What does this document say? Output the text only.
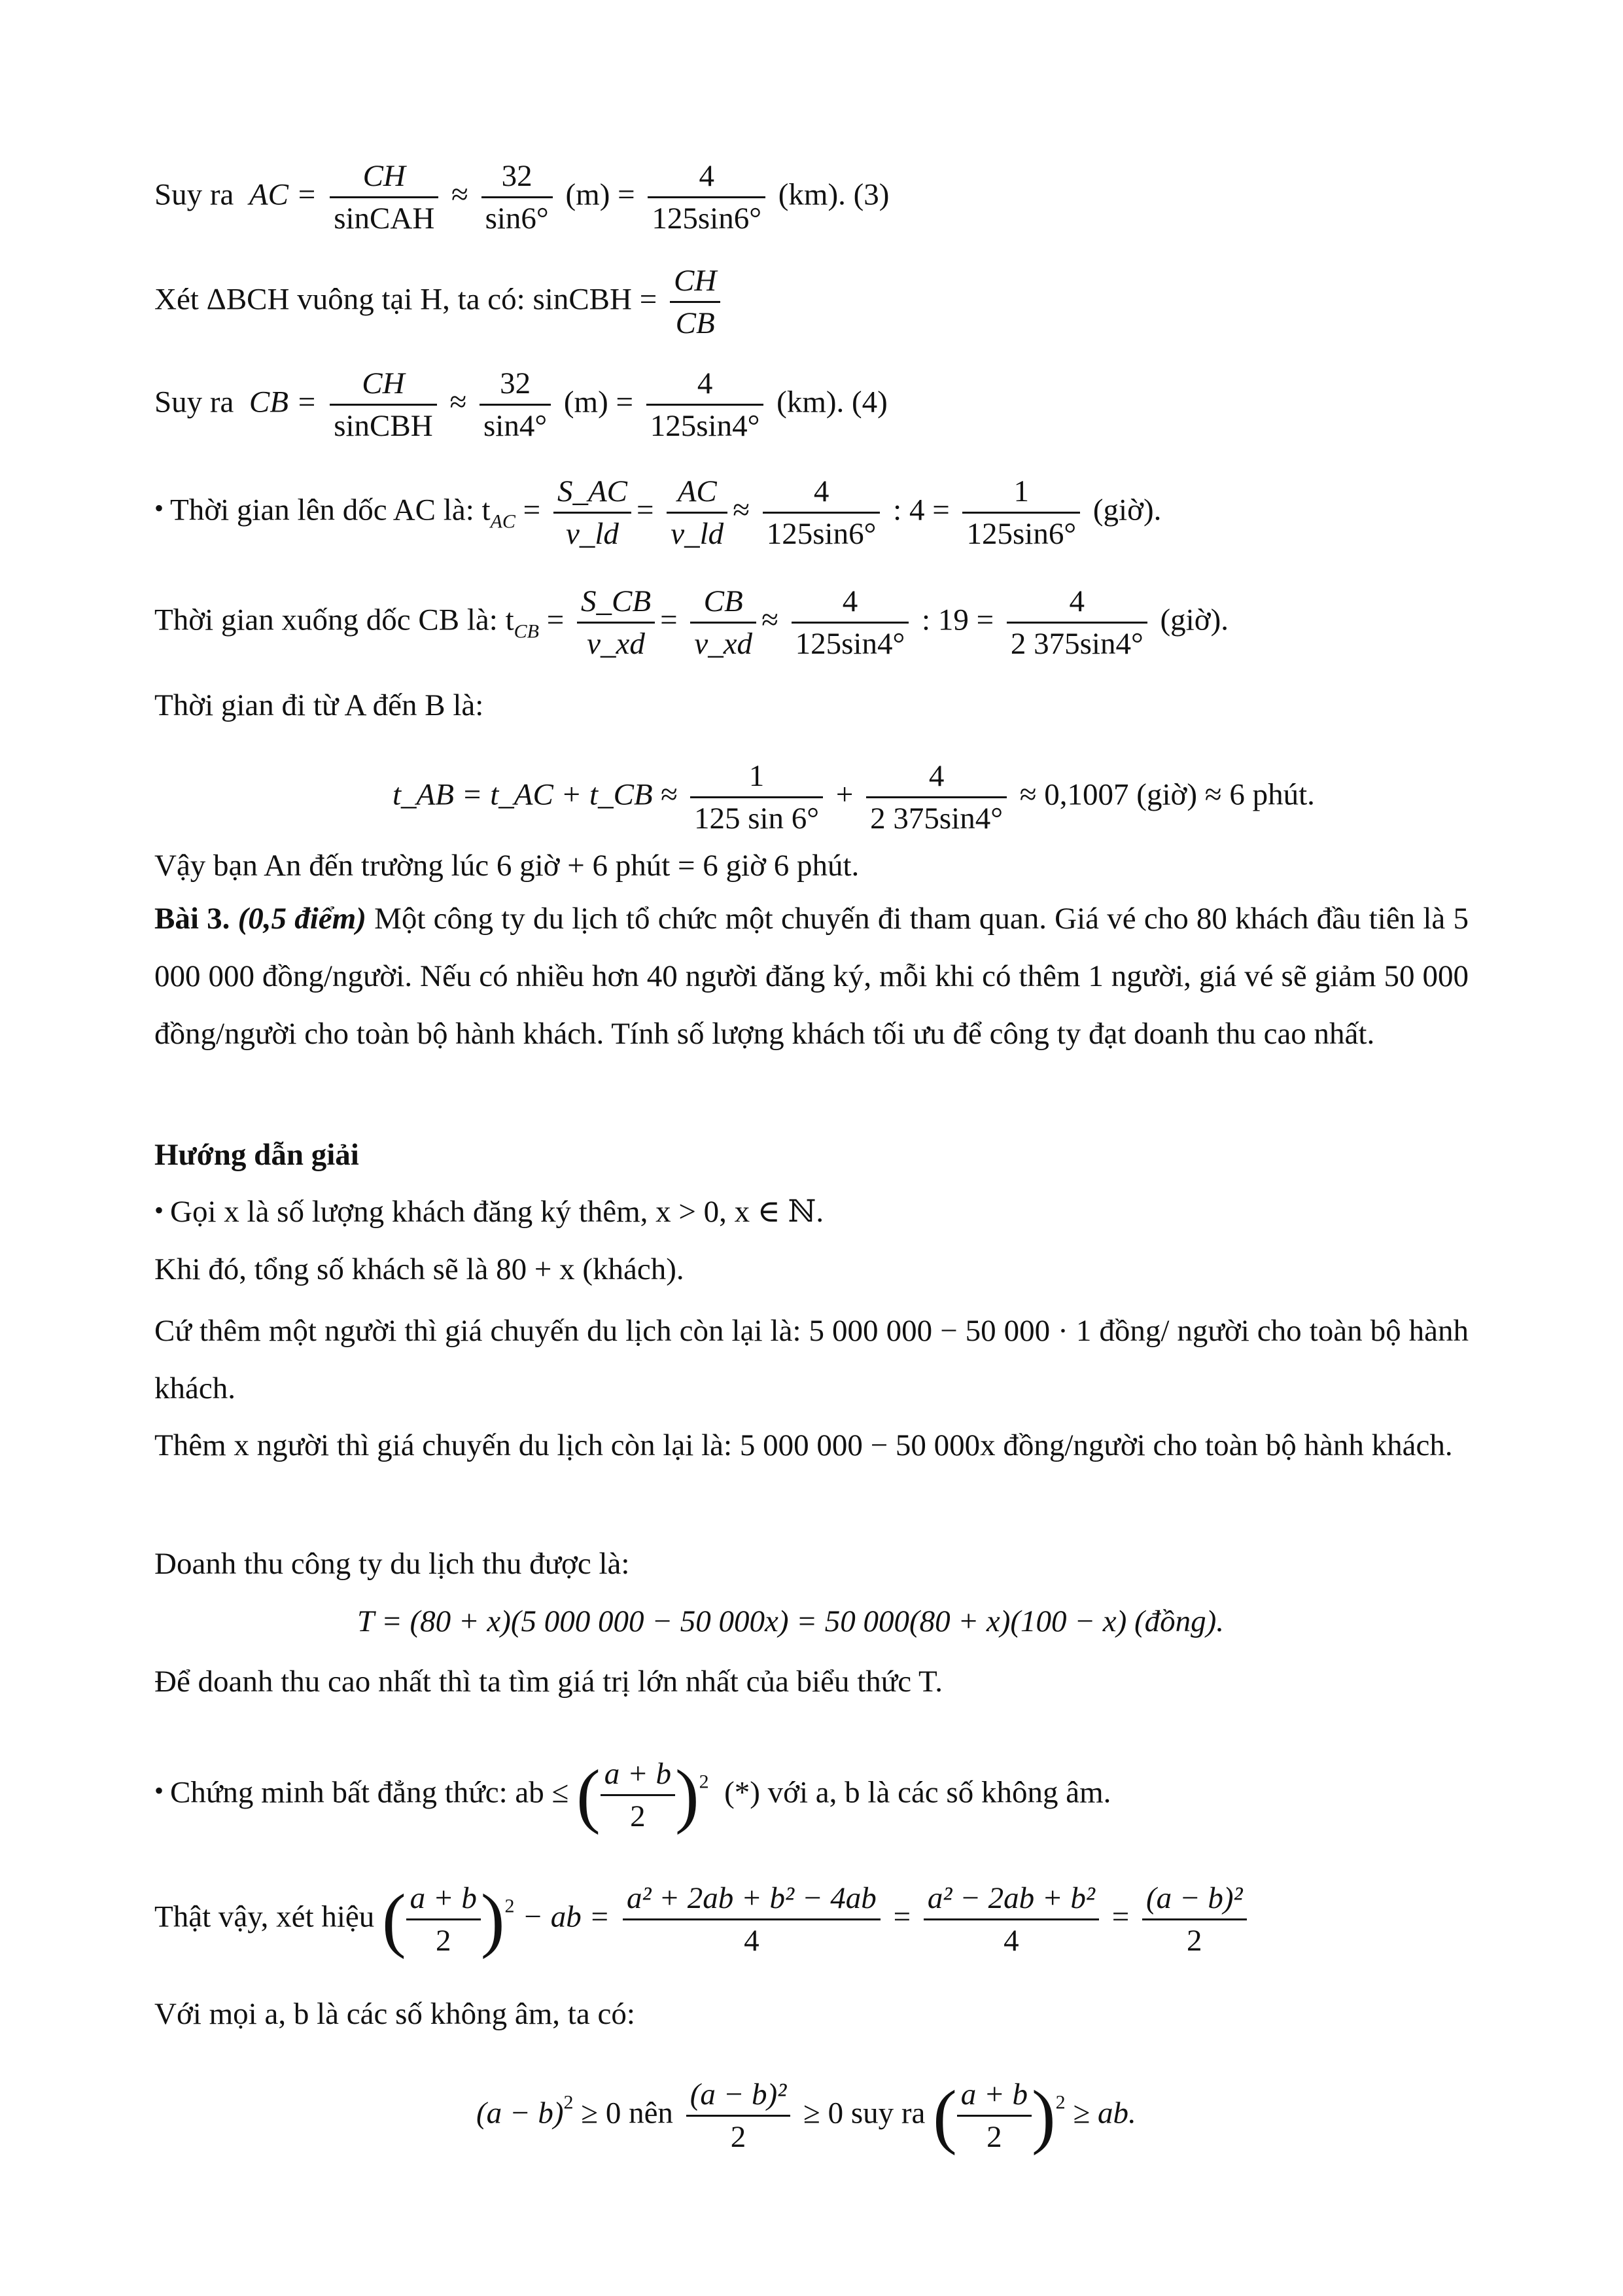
Suy ra AC = $\frac{CH}{\text{sinCAH}} \approx \frac{32}{\sin 6^\circ} (m) = \frac{4}{125\sin 6^\circ} (km)$. (3)
Xét ΔBCH vuông tại H, ta có: sinCBH = $\frac{CH}{CB}$
Suy ra CB = $\frac{CH}{\text{sinCBH}} \approx \frac{32}{\sin 4^\circ} (m) = \frac{4}{125\sin 4^\circ} (km)$. (4)
• Thời gian lên dốc AC là: $t_{AC} = \frac{S\_AC}{v\_ld} = \frac{AC}{v\_ld} \approx \frac{4}{125\sin 6^\circ}$ : $4 = \frac{1}{125\sin 6^\circ}$ (giờ).
Thời gian xuống dốc CB là: $t_{CB} = \frac{S\_CB}{v\_xd} = \frac{CB}{v\_xd} \approx \frac{4}{125\sin 4^\circ}$ : $19 = \frac{4}{2 375\sin 4^\circ}$ (giờ).
Thời gian đi từ A đến B là:
t_AB = t_AC + t_CB ≈ $\frac{1}{125 \sin 6^\circ} + \frac{4}{2 375\sin 4^\circ} \approx 0,1007$ (giờ) ≈ 6 phút.
Vậy bạn An đến trường lúc 6 giờ + 6 phút = 6 giờ 6 phút.
Bài 3. (0,5 điểm) Một công ty du lịch tổ chức một chuyến đi tham quan. Giá vé cho 80 khách đầu tiên là 5 000 000 đồng/người. Nếu có nhiều hơn 40 người đăng ký, mỗi khi có thêm 1 người, giá vé sẽ giảm 50 000 đồng/người cho toàn bộ hành khách. Tính số lượng khách tối ưu để công ty đạt doanh thu cao nhất.
Hướng dẫn giải
• Gọi x là số lượng khách đăng ký thêm, x > 0, x ∈ ℕ.
Khi đó, tổng số khách sẽ là 80 + x (khách).
Cứ thêm một người thì giá chuyến du lịch còn lại là: 5 000 000 − 50 000 · 1 đồng/ người cho toàn bộ hành khách.
Thêm x người thì giá chuyến du lịch còn lại là: 5 000 000 − 50 000x đồng/người cho toàn bộ hành khách.
Doanh thu công ty du lịch thu được là:
T = (80 + x)(5 000 000 − 50 000x) = 50 000(80 + x)(100 − x) (đồng).
Để doanh thu cao nhất thì ta tìm giá trị lớn nhất của biểu thức T.
• Chứng minh bất đẳng thức: ab ≤ ( $\frac{a + b}{2} )^2$ (*) với a, b là các số không âm.
Thật vậy, xét hiệu ( $\frac{a + b}{2} )^2$ − ab = $\frac{\text{a² + 2ab + b² − 4ab}}{4} = \frac{\text{a² − 2ab + b²}}{4} = \frac{\text{(a − b)²}}{2}$
Với mọi a, b là các số không âm, ta có:
$(a - b)^2 \ge 0$ nên $\frac{\text{(a − b)²}}{2} \ge 0$ suy ra ( $\frac{a + b}{2} )^2$ ≥ ab.
